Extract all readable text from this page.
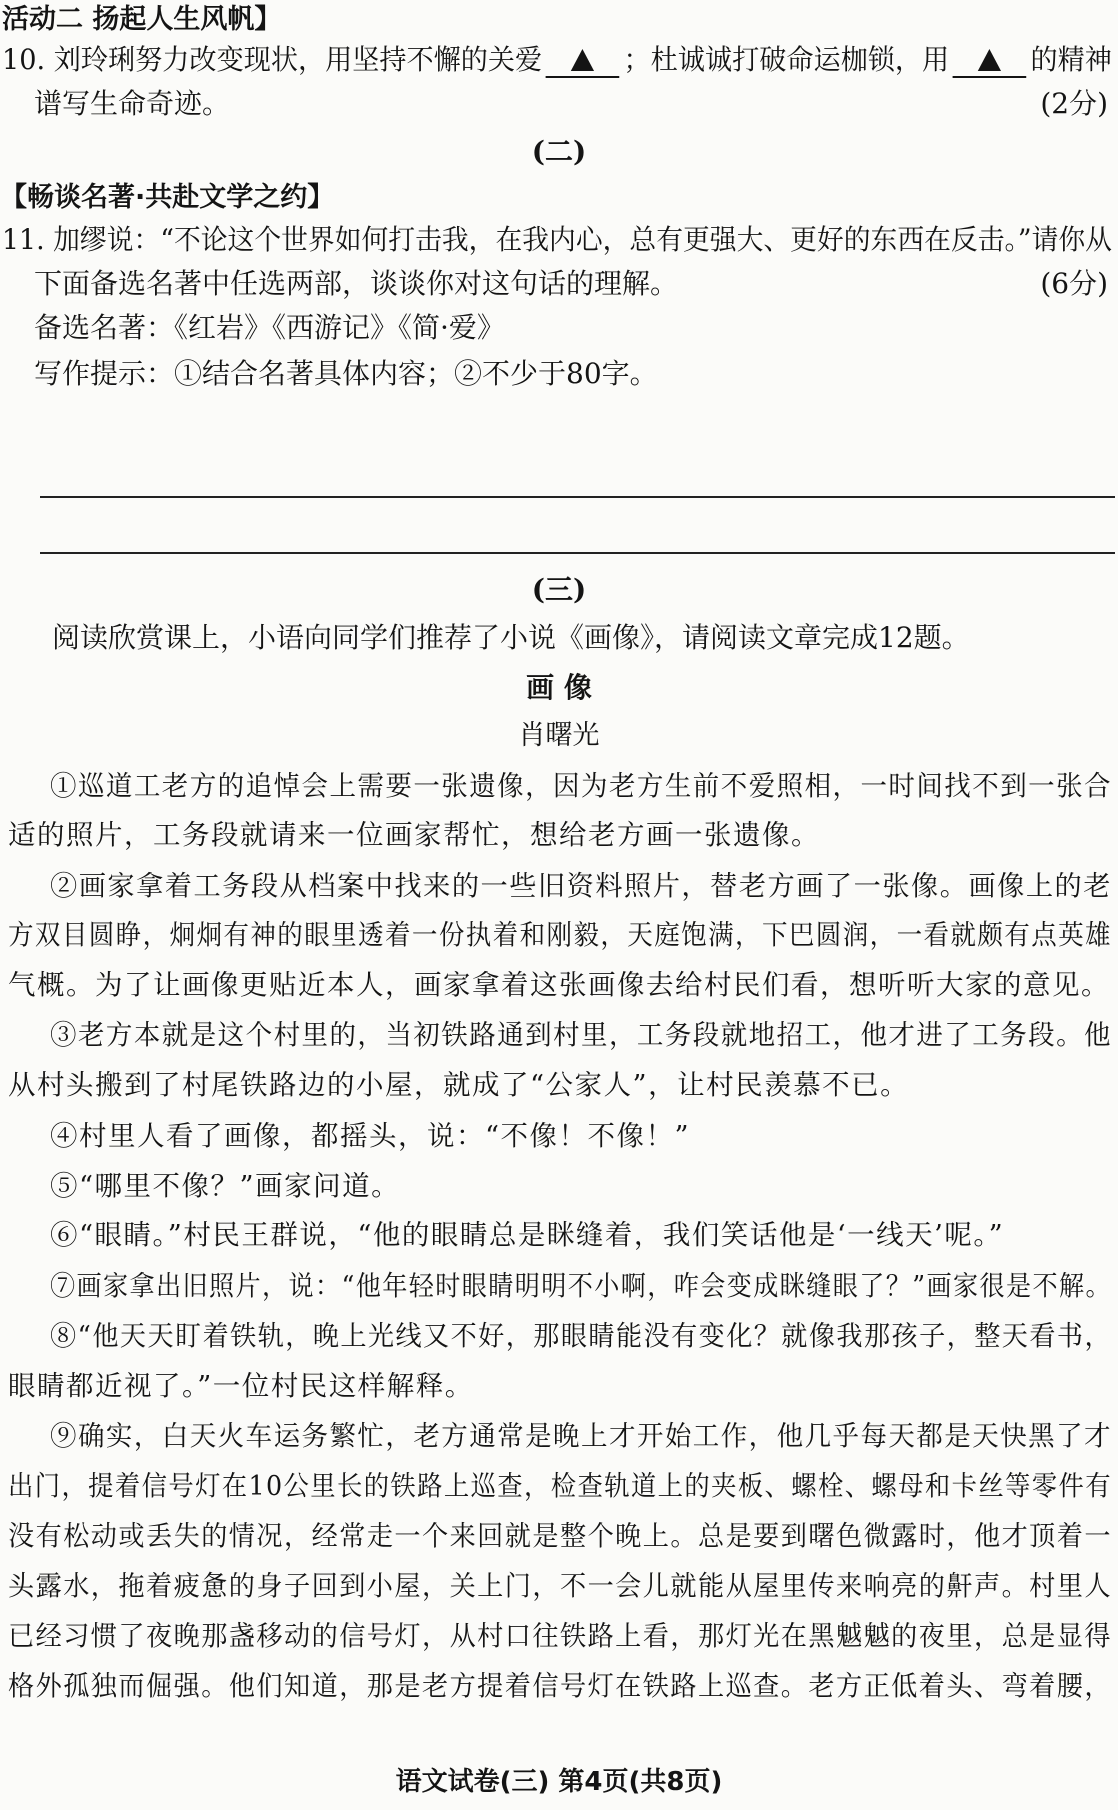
活动二 扬起人生风帆】
10. 刘玲琍努力改变现状，用坚持不懈的关爱	；杜诚诚打破命运枷锁，用	的精神
谱写生命奇迹。	(2分)
(二)
【畅谈名著·共赴文学之约】
11. 加缪说：“不论这个世界如何打击我，在我内心，总有更强大、更好的东西在反击。”请你从
下面备选名著中任选两部，谈谈你对这句话的理解。	(6分)
备选名著：《红岩》《西游记》《简·爱》
写作提示：①结合名著具体内容；②不少于80字。
(三)
阅读欣赏课上，小语向同学们推荐了小说《画像》，请阅读文章完成12题。
画 像
肖曙光
①巡道工老方的追悼会上需要一张遗像，因为老方生前不爱照相，一时间找不到一张合
适的照片，工务段就请来一位画家帮忙，想给老方画一张遗像。
②画家拿着工务段从档案中找来的一些旧资料照片，替老方画了一张像。画像上的老
方双目圆睁，炯炯有神的眼里透着一份执着和刚毅，天庭饱满，下巴圆润，一看就颇有点英雄
气概。为了让画像更贴近本人，画家拿着这张画像去给村民们看，想听听大家的意见。
③老方本就是这个村里的，当初铁路通到村里，工务段就地招工，他才进了工务段。他
从村头搬到了村尾铁路边的小屋，就成了“公家人”，让村民羡慕不已。
④村里人看了画像，都摇头，说：“不像！不像！”
⑤“哪里不像？”画家问道。
⑥“眼睛。”村民王群说，“他的眼睛总是眯缝着，我们笑话他是‘一线天’呢。”
⑦画家拿出旧照片，说：“他年轻时眼睛明明不小啊，咋会变成眯缝眼了？”画家很是不解。
⑧“他天天盯着铁轨，晚上光线又不好，那眼睛能没有变化？就像我那孩子，整天看书，
眼睛都近视了。”一位村民这样解释。
⑨确实，白天火车运务繁忙，老方通常是晚上才开始工作，他几乎每天都是天快黑了才
出门，提着信号灯在10公里长的铁路上巡查，检查轨道上的夹板、螺栓、螺母和卡丝等零件有
没有松动或丢失的情况，经常走一个来回就是整个晚上。总是要到曙色微露时，他才顶着一
头露水，拖着疲惫的身子回到小屋，关上门，不一会儿就能从屋里传来响亮的鼾声。村里人
已经习惯了夜晚那盏移动的信号灯，从村口往铁路上看，那灯光在黑魆魆的夜里，总是显得
格外孤独而倔强。他们知道，那是老方提着信号灯在铁路上巡查。老方正低着头、弯着腰，
语文试卷(三) 第4页(共8页)
